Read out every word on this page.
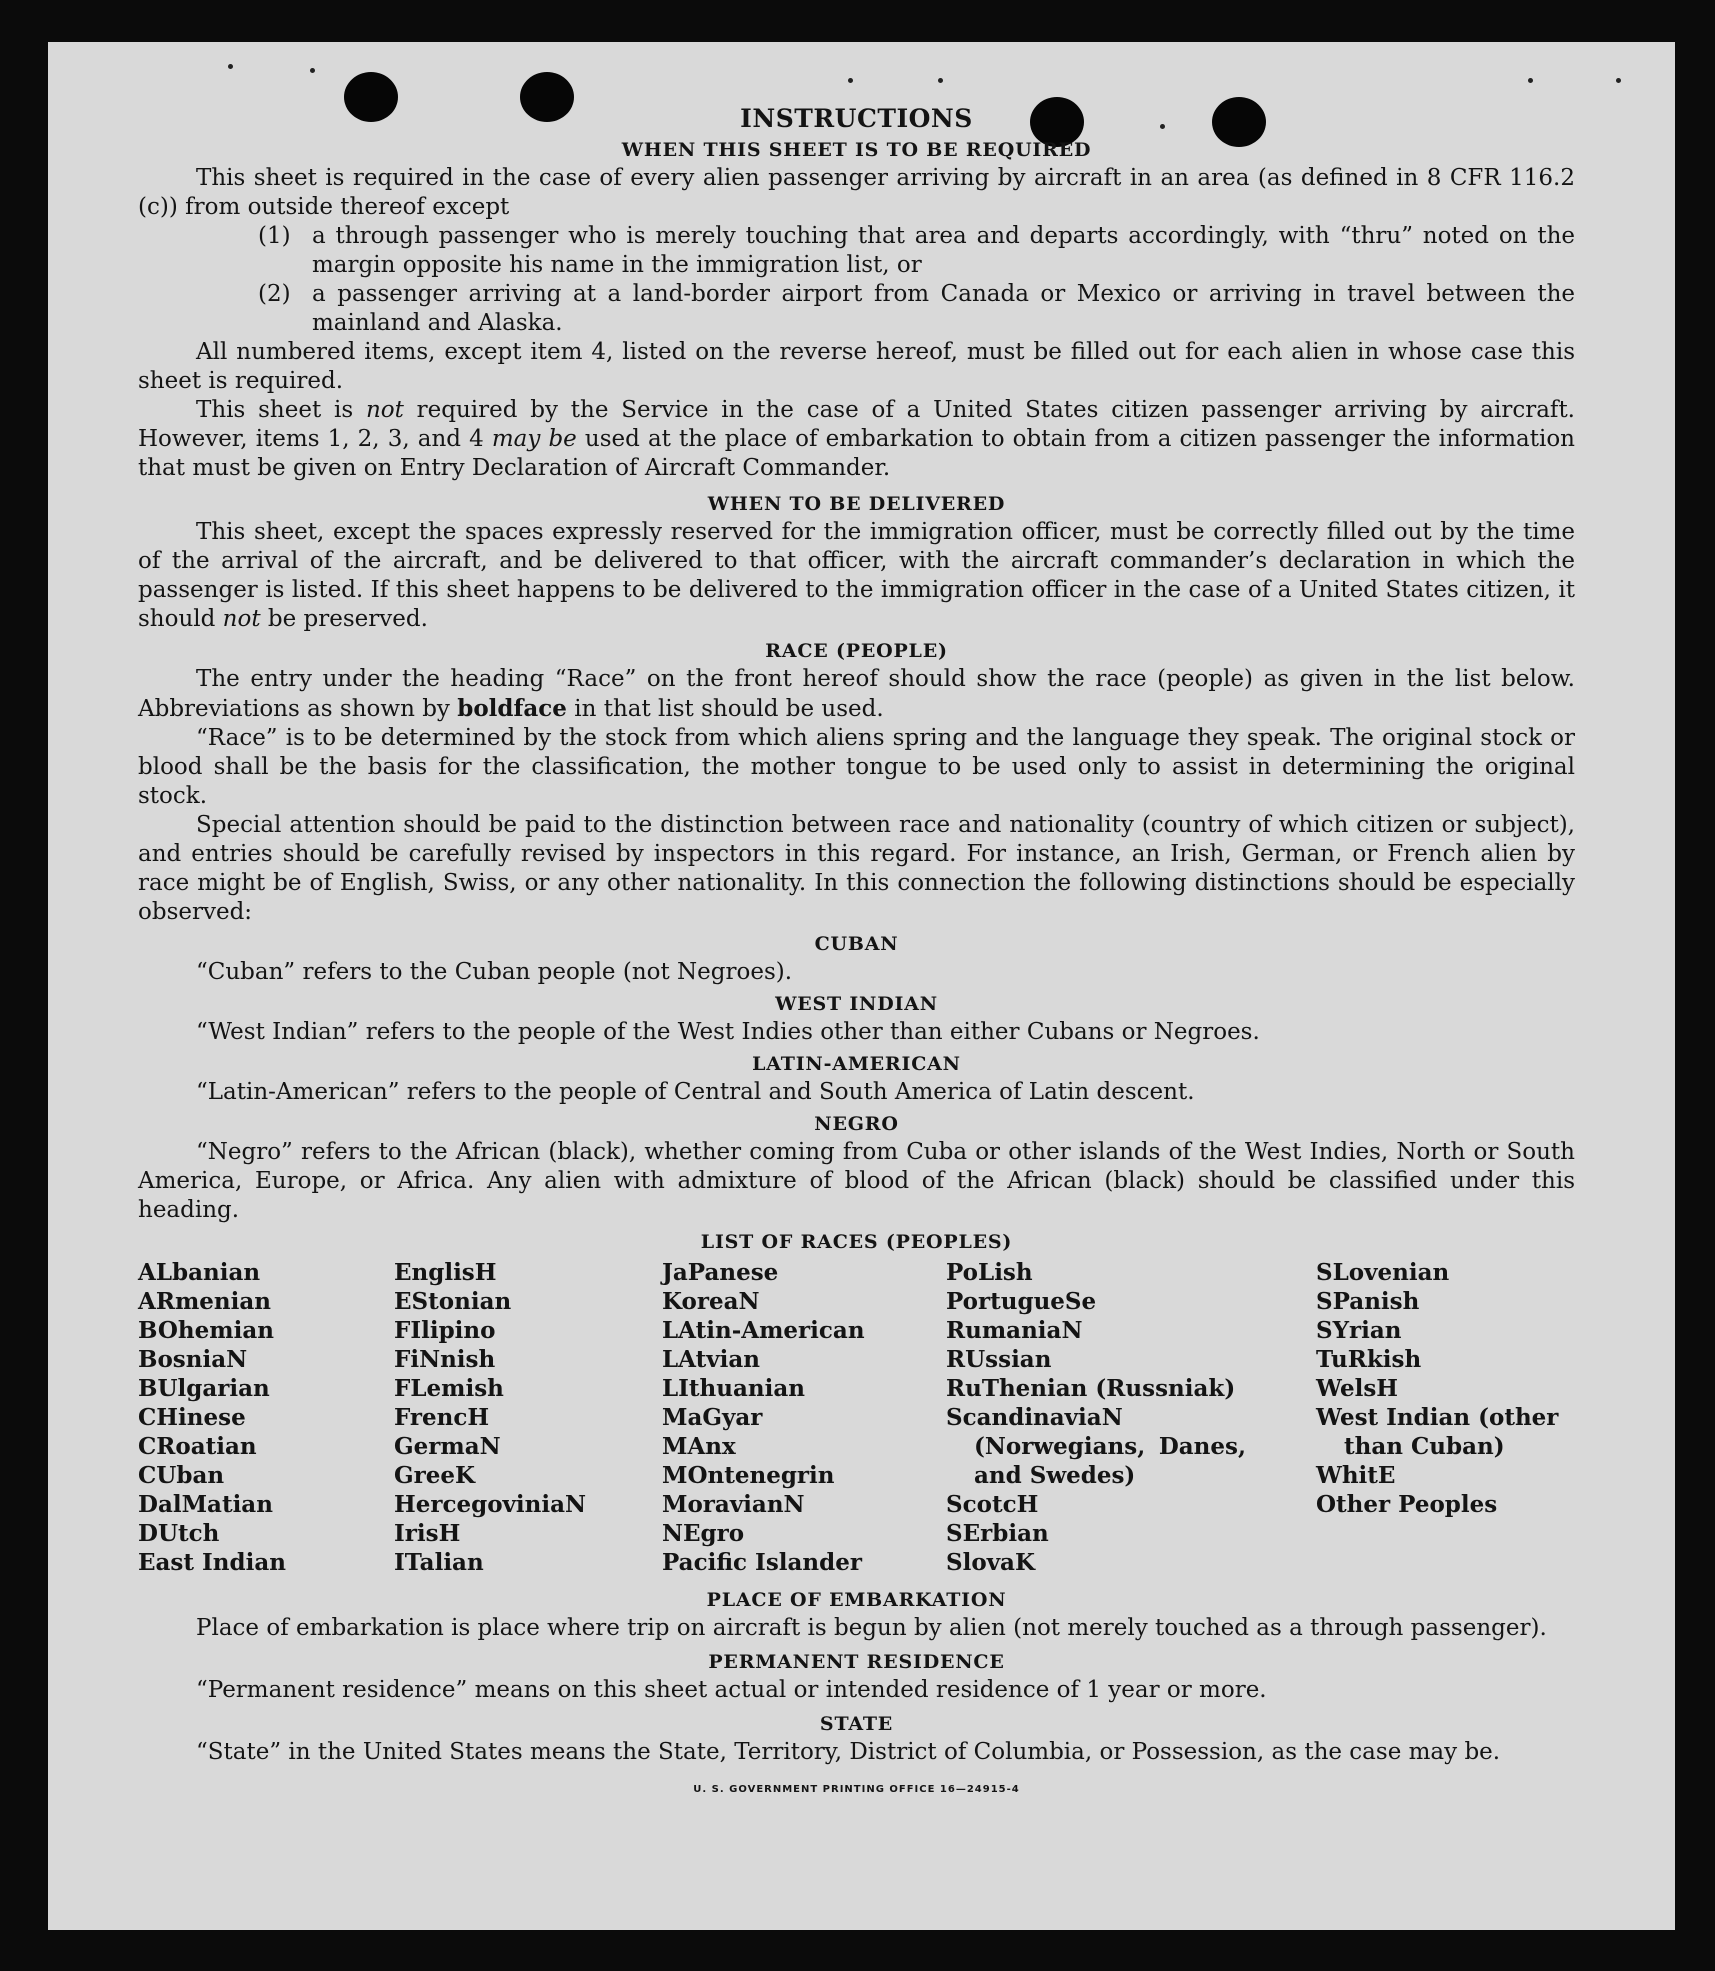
INSTRUCTIONS
WHEN THIS SHEET IS TO BE REQUIRED

This sheet is required in the case of every alien passenger arriving by aircraft in an area (as defined in 8 CFR 116.2 (c)) from outside thereof except

(1) a through passenger who is merely touching that area and departs accordingly, with “thru” noted on the margin opposite his name in the immigration list, or
(2) a passenger arriving at a land-border airport from Canada or Mexico or arriving in travel between the mainland and Alaska.

All numbered items, except item 4, listed on the reverse hereof, must be filled out for each alien in whose case this sheet is required.

This sheet is not required by the Service in the case of a United States citizen passenger arriving by aircraft. However, items 1, 2, 3, and 4 may be used at the place of embarkation to obtain from a citizen passenger the information that must be given on Entry Declaration of Aircraft Commander.

WHEN TO BE DELIVERED

This sheet, except the spaces expressly reserved for the immigration officer, must be correctly filled out by the time of the arrival of the aircraft, and be delivered to that officer, with the aircraft commander’s declaration in which the passenger is listed. If this sheet happens to be delivered to the immigration officer in the case of a United States citizen, it should not be preserved.

RACE (PEOPLE)

The entry under the heading “Race” on the front hereof should show the race (people) as given in the list below. Abbreviations as shown by boldface in that list should be used.

“Race” is to be determined by the stock from which aliens spring and the language they speak. The original stock or blood shall be the basis for the classification, the mother tongue to be used only to assist in determining the original stock.

Special attention should be paid to the distinction between race and nationality (country of which citizen or subject), and entries should be carefully revised by inspectors in this regard. For instance, an Irish, German, or French alien by race might be of English, Swiss, or any other nationality. In this connection the following distinctions should be especially observed:

CUBAN

“Cuban” refers to the Cuban people (not Negroes).

WEST INDIAN

“West Indian” refers to the people of the West Indies other than either Cubans or Negroes.

LATIN-AMERICAN

“Latin-American” refers to the people of Central and South America of Latin descent.

NEGRO

“Negro” refers to the African (black), whether coming from Cuba or other islands of the West Indies, North or South America, Europe, or Africa. Any alien with admixture of blood of the African (black) should be classified under this heading.

LIST OF RACES (PEOPLES)
ALbanian
ARmenian
BOhemian
BosniaN
BUlgarian
CHinese
CRoatian
CUban
DalMatian
DUtch
East Indian
EnglisH
EStonian
FIlipino
FiNnish
FLemish
FrencH
GermaN
GreeK
HercegoviniaN
IrisH
ITalian
JaPanese
KoreaN
LAtin-American
LAtvian
LIthuanian
MaGyar
MAnx
MOntenegrin
MoravianN
NEgro
Pacific Islander
PoLish
PortugueSe
RumaniaN
RUssian
RuThenian (Russniak)
ScandinaviaN (Norwegians, Danes, and Swedes)
ScotcH
SErbian
SlovaK
SLovenian
SPanish
SYrian
TuRkish
WelsH
West Indian (other than Cuban)
WhitE
Other Peoples
PLACE OF EMBARKATION

Place of embarkation is place where trip on aircraft is begun by alien (not merely touched as a through passenger).

PERMANENT RESIDENCE

“Permanent residence” means on this sheet actual or intended residence of 1 year or more.

STATE

“State” in the United States means the State, Territory, District of Columbia, or Possession, as the case may be.

U. S. GOVERNMENT PRINTING OFFICE 16—24915-4
